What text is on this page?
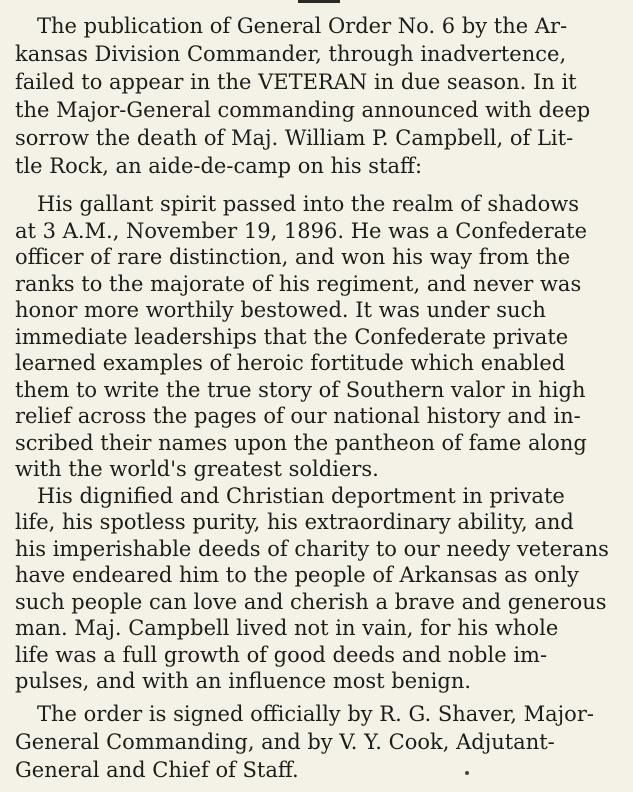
The publication of General Order No. 6 by the Ar-
kansas Division Commander, through inadvertence,
failed to appear in the VETERAN in due season. In it
the Major-General commanding announced with deep
sorrow the death of Maj. William P. Campbell, of Lit-
tle Rock, an aide-de-camp on his staff:
His gallant spirit passed into the realm of shadows
at 3 A.M., November 19, 1896. He was a Confederate
officer of rare distinction, and won his way from the
ranks to the majorate of his regiment, and never was
honor more worthily bestowed. It was under such
immediate leaderships that the Confederate private
learned examples of heroic fortitude which enabled
them to write the true story of Southern valor in high
relief across the pages of our national history and in-
scribed their names upon the pantheon of fame along
with the world's greatest soldiers.
His dignified and Christian deportment in private
life, his spotless purity, his extraordinary ability, and
his imperishable deeds of charity to our needy veterans
have endeared him to the people of Arkansas as only
such people can love and cherish a brave and generous
man. Maj. Campbell lived not in vain, for his whole
life was a full growth of good deeds and noble im-
pulses, and with an influence most benign.
The order is signed officially by R. G. Shaver, Major-
General Commanding, and by V. Y. Cook, Adjutant-
General and Chief of Staff.
